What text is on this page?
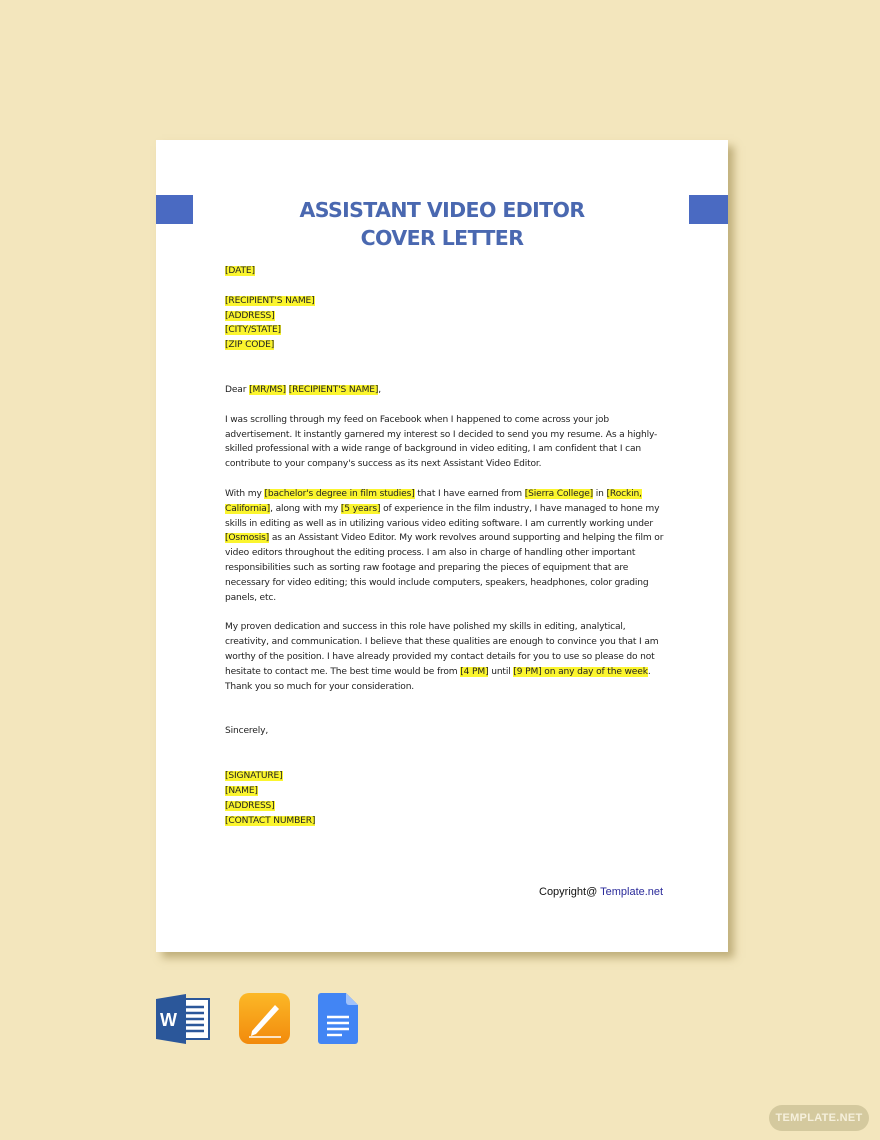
ASSISTANT VIDEO EDITOR
COVER LETTER

[DATE]

[RECIPIENT'S NAME]

[ADDRESS]

[CITY/STATE]

[ZIP CODE]

Dear [MR/MS] [RECIPIENT'S NAME],

I was scrolling through my feed on Facebook when I happened to come across your job advertisement. It instantly garnered my interest so I decided to send you my resume. As a highly-skilled professional with a wide range of background in video editing, I am confident that I can contribute to your company's success as its next Assistant Video Editor.

With my [bachelor's degree in film studies] that I have earned from [Sierra College] in [Rockin, California], along with my [5 years] of experience in the film industry, I have managed to hone my skills in editing as well as in utilizing various video editing software. I am currently working under [Osmosis] as an Assistant Video Editor. My work revolves around supporting and helping the film or video editors throughout the editing process. I am also in charge of handling other important responsibilities such as sorting raw footage and preparing the pieces of equipment that are necessary for video editing; this would include computers, speakers, headphones, color grading panels, etc.

My proven dedication and success in this role have polished my skills in editing, analytical, creativity, and communication. I believe that these qualities are enough to convince you that I am worthy of the position. I have already provided my contact details for you to use so please do not hesitate to contact me. The best time would be from [4 PM] until [9 PM] on any day of the week. Thank you so much for your consideration.

Sincerely,

[SIGNATURE]

[NAME]

[ADDRESS]

[CONTACT NUMBER]

Copyright@ Template.net
W
TEMPLATE.NET
